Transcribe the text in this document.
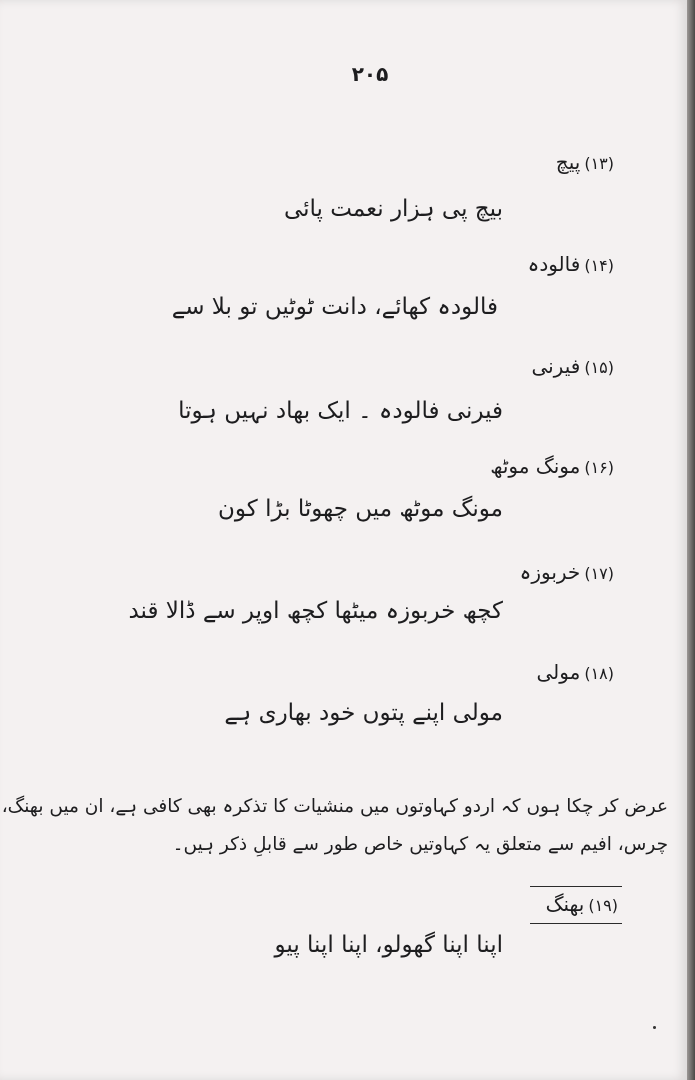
۲۰۵
(۱۳)پیچ
بیچ پی ہزار نعمت پائی
(۱۴)فالودہ
فالودہ کھائے، دانت ٹوٹیں تو بلا سے
(۱۵)فیرنی
فیرنی فالودہ ۔ ایک بھاد نہیں ہوتا
(۱۶)مونگ موٹھ
مونگ موٹھ میں چھوٹا بڑا کون
(۱۷)خربوزہ
کچھ خربوزہ میٹھا کچھ اوپر سے ڈالا قند
(۱۸)مولی
مولی اپنے پتوں خود بھاری ہے
عرض کر چکا ہوں کہ اردو کہاوتوں میں منشیات کا تذکرہ بھی کافی ہے، ان میں بھنگ،
چرس، افیم سے متعلق یہ کہاوتیں خاص طور سے قابلِ ذکر ہیں۔
(۱۹)بھنگ
اپنا اپنا گھولو، اپنا اپنا پیو
